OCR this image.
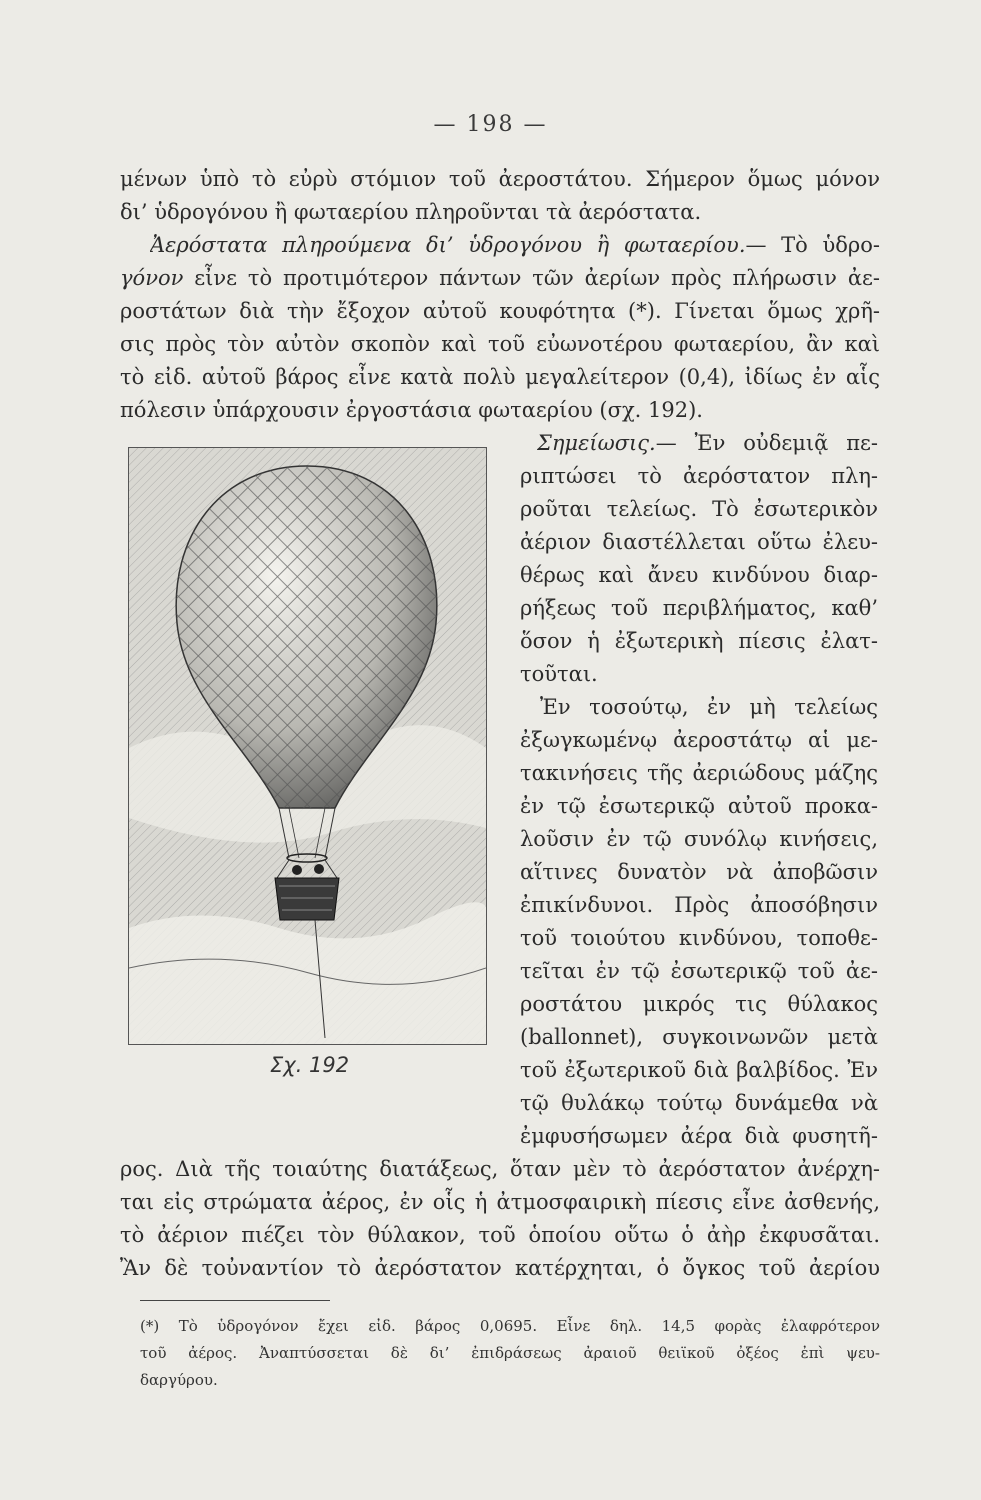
— 198 —
μένων ὑπὸ τὸ εὐρὺ στόμιον τοῦ ἀεροστάτου. Σήμερον ὅμως μόνον
δι’ ὑδρογόνου ἢ φωταερίου πληροῦνται τὰ ἀερόστατα.
Ἀερόστατα πληρούμενα δι’ ὑδρογόνου ἢ φωταερίου.— Τὸ ὑδρο-
γόνον εἶνε τὸ προτιμότερον πάντων τῶν ἀερίων πρὸς πλήρωσιν ἀε-
ροστάτων διὰ τὴν ἔξοχον αὐτοῦ κουφότητα (*). Γίνεται ὅμως χρῆ-
σις πρὸς τὸν αὐτὸν σκοπὸν καὶ τοῦ εὐωνοτέρου φωταερίου, ἂν καὶ
τὸ εἰδ. αὐτοῦ βάρος εἶνε κατὰ πολὺ μεγαλείτερον (0,4), ἰδίως ἐν αἷς
πόλεσιν ὑπάρχουσιν ἐργοστάσια φωταερίου (σχ. 192).
Σχ. 192
Σημείωσις.— Ἐν οὐδεμιᾷ πε-
ριπτώσει τὸ ἀερόστατον πλη-
ροῦται τελείως. Τὸ ἐσωτερικὸν
ἀέριον διαστέλλεται οὕτω ἐλευ-
θέρως καὶ ἄνευ κινδύνου διαρ-
ρήξεως τοῦ περιβλήματος, καθ’
ὅσον ἡ ἐξωτερικὴ πίεσις ἐλατ-
τοῦται.
Ἐν τοσούτῳ, ἐν μὴ τελείως
ἐξωγκωμένῳ ἀεροστάτῳ αἱ με-
τακινήσεις τῆς ἀεριώδους μάζης
ἐν τῷ ἐσωτερικῷ αὐτοῦ προκα-
λοῦσιν ἐν τῷ συνόλῳ κινήσεις,
αἵτινες δυνατὸν νὰ ἀποβῶσιν
ἐπικίνδυνοι. Πρὸς ἀποσόβησιν
τοῦ τοιούτου κινδύνου, τοποθε-
τεῖται ἐν τῷ ἐσωτερικῷ τοῦ ἀε-
ροστάτου μικρός τις θύλακος
(ballonnet), συγκοινωνῶν μετὰ
τοῦ ἐξωτερικοῦ διὰ βαλβίδος. Ἐν
τῷ θυλάκῳ τούτῳ δυνάμεθα νὰ
ἐμφυσήσωμεν ἀέρα διὰ φυσητῆ-
ρος. Διὰ τῆς τοιαύτης διατάξεως, ὅταν μὲν τὸ ἀερόστατον ἀνέρχη-
ται εἰς στρώματα ἀέρος, ἐν οἷς ἡ ἀτμοσφαιρικὴ πίεσις εἶνε ἀσθενής,
τὸ ἀέριον πιέζει τὸν θύλακον, τοῦ ὁποίου οὕτω ὁ ἀὴρ ἐκφυσᾶται.
Ἂν δὲ τοὐναντίον τὸ ἀερόστατον κατέρχηται, ὁ ὄγκος τοῦ ἀερίου
(*) Τὸ ὑδρογόνον ἔχει εἰδ. βάρος 0,0695. Εἶνε δηλ. 14,5 φορὰς ἐλαφρότερον
τοῦ ἀέρος. Ἀναπτύσσεται δὲ δι’ ἐπιδράσεως ἀραιοῦ θειϊκοῦ ὀξέος ἐπὶ ψευ-
δαργύρου.
